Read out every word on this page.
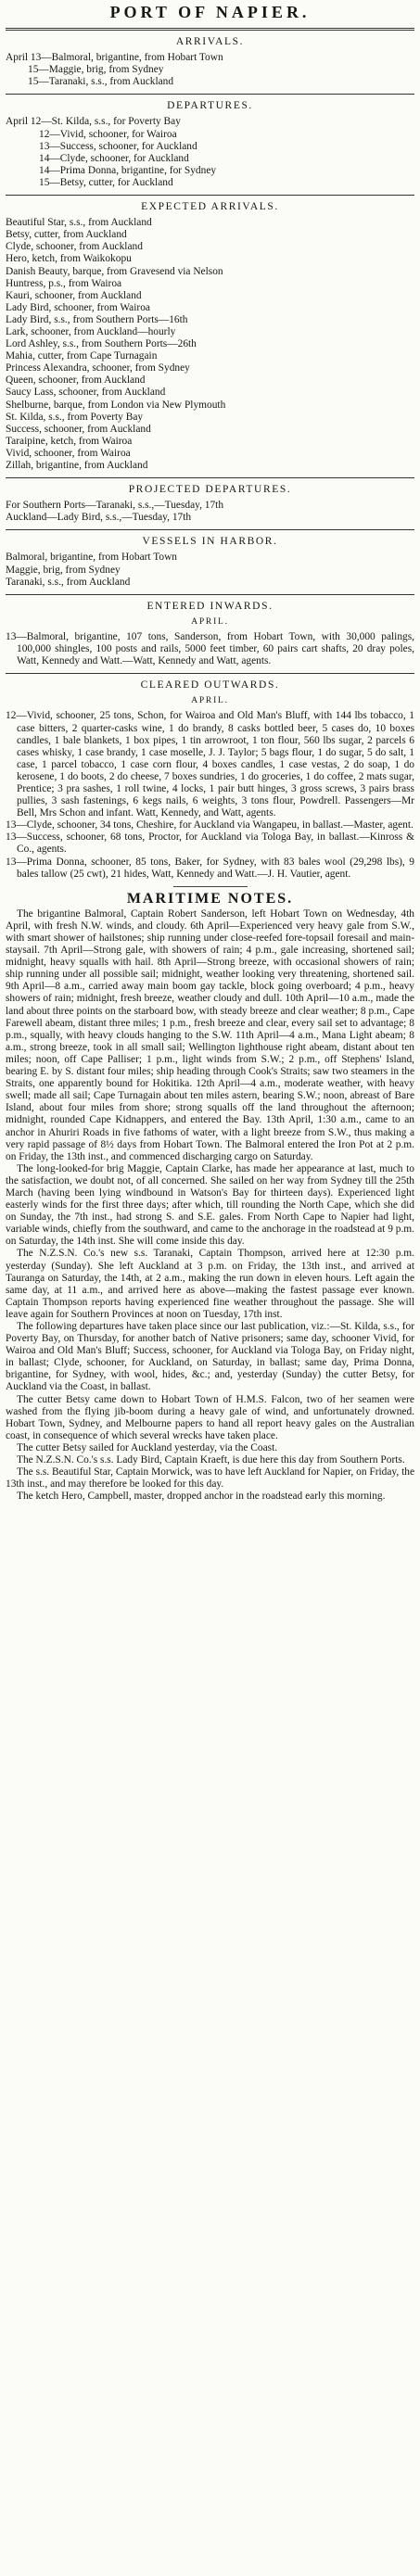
PORT OF NAPIER.
ARRIVALS.

April 13—Balmoral, brigantine, from Hobart Town

15—Maggie, brig, from Sydney

15—Taranaki, s.s., from Auckland

DEPARTURES.

April 12—St. Kilda, s.s., for Poverty Bay

12—Vivid, schooner, for Wairoa

13—Success, schooner, for Auckland

14—Clyde, schooner, for Auckland

14—Prima Donna, brigantine, for Sydney

15—Betsy, cutter, for Auckland

EXPECTED ARRIVALS.

Beautiful Star, s.s., from Auckland

Betsy, cutter, from Auckland

Clyde, schooner, from Auckland

Hero, ketch, from Waikokopu

Danish Beauty, barque, from Gravesend via Nelson

Huntress, p.s., from Wairoa

Kauri, schooner, from Auckland

Lady Bird, schooner, from Wairoa

Lady Bird, s.s., from Southern Ports—16th

Lark, schooner, from Auckland—hourly

Lord Ashley, s.s., from Southern Ports—26th

Mahia, cutter, from Cape Turnagain

Princess Alexandra, schooner, from Sydney

Queen, schooner, from Auckland

Saucy Lass, schooner, from Auckland

Shelburne, barque, from London via New Plymouth

St. Kilda, s.s., from Poverty Bay

Success, schooner, from Auckland

Taraipine, ketch, from Wairoa

Vivid, schooner, from Wairoa

Zillah, brigantine, from Auckland

PROJECTED DEPARTURES.

For Southern Ports—Taranaki, s.s.,—Tuesday, 17th

Auckland—Lady Bird, s.s.,—Tuesday, 17th

VESSELS IN HARBOR.

Balmoral, brigantine, from Hobart Town

Maggie, brig, from Sydney

Taranaki, s.s., from Auckland

ENTERED INWARDS.
APRIL.

13—Balmoral, brigantine, 107 tons, Sanderson, from Hobart Town, with 30,000 palings, 100,000 shingles, 100 posts and rails, 5000 feet timber, 60 pairs cart shafts, 20 dray poles, Watt, Kennedy and Watt.—Watt, Kennedy and Watt, agents.

CLEARED OUTWARDS.
APRIL.

12—Vivid, schooner, 25 tons, Schon, for Wairoa and Old Man's Bluff, with 144 lbs tobacco, 1 case bitters, 2 quarter-casks wine, 1 do brandy, 8 casks bottled beer, 5 cases do, 10 boxes candles, 1 bale blankets, 1 box pipes, 1 tin arrowroot, 1 ton flour, 560 lbs sugar, 2 parcels 6 cases whisky, 1 case brandy, 1 case moselle, J. J. Taylor; 5 bags flour, 1 do sugar, 5 do salt, 1 case, 1 parcel tobacco, 1 case corn flour, 4 boxes candles, 1 case vestas, 2 do soap, 1 do kerosene, 1 do boots, 2 do cheese, 7 boxes sundries, 1 do groceries, 1 do coffee, 2 mats sugar, Prentice; 3 pra sashes, 1 roll twine, 4 locks, 1 pair butt hinges, 3 gross screws, 3 pairs brass pullies, 3 sash fastenings, 6 kegs nails, 6 weights, 3 tons flour, Powdrell. Passengers—Mr Bell, Mrs Schon and infant. Watt, Kennedy, and Watt, agents.

13—Clyde, schooner, 34 tons, Cheshire, for Auckland via Wangapeu, in ballast.—Master, agent.

13—Success, schooner, 68 tons, Proctor, for Auckland via Tologa Bay, in ballast.—Kinross & Co., agents.

13—Prima Donna, schooner, 85 tons, Baker, for Sydney, with 83 bales wool (29,298 lbs), 9 bales tallow (25 cwt), 21 hides, Watt, Kennedy and Watt.—J. H. Vautier, agent.

MARITIME NOTES.

The brigantine Balmoral, Captain Robert Sanderson, left Hobart Town on Wednesday, 4th April, with fresh N.W. winds, and cloudy. 6th April—Experienced very heavy gale from S.W., with smart shower of hailstones; ship running under close-reefed fore-topsail foresail and main-staysail. 7th April—Strong gale, with showers of rain; 4 p.m., gale increasing, shortened sail; midnight, heavy squalls with hail. 8th April—Strong breeze, with occasional showers of rain; ship running under all possible sail; midnight, weather looking very threatening, shortened sail. 9th April—8 a.m., carried away main boom gay tackle, block going overboard; 4 p.m., heavy showers of rain; midnight, fresh breeze, weather cloudy and dull. 10th April—10 a.m., made the land about three points on the starboard bow, with steady breeze and clear weather; 8 p.m., Cape Farewell abeam, distant three miles; 1 p.m., fresh breeze and clear, every sail set to advantage; 8 p.m., squally, with heavy clouds hanging to the S.W. 11th April—4 a.m., Mana Light abeam; 8 a.m., strong breeze, took in all small sail; Wellington lighthouse right abeam, distant about ten miles; noon, off Cape Palliser; 1 p.m., light winds from S.W.; 2 p.m., off Stephens' Island, bearing E. by S. distant four miles; ship heading through Cook's Straits; saw two steamers in the Straits, one apparently bound for Hokitika. 12th April—4 a.m., moderate weather, with heavy swell; made all sail; Cape Turnagain about ten miles astern, bearing S.W.; noon, abreast of Bare Island, about four miles from shore; strong squalls off the land throughout the afternoon; midnight, rounded Cape Kidnappers, and entered the Bay. 13th April, 1:30 a.m., came to an anchor in Ahuriri Roads in five fathoms of water, with a light breeze from S.W., thus making a very rapid passage of 8½ days from Hobart Town. The Balmoral entered the Iron Pot at 2 p.m. on Friday, the 13th inst., and commenced discharging cargo on Saturday.

The long-looked-for brig Maggie, Captain Clarke, has made her appearance at last, much to the satisfaction, we doubt not, of all concerned. She sailed on her way from Sydney till the 25th March (having been lying windbound in Watson's Bay for thirteen days). Experienced light easterly winds for the first three days; after which, till rounding the North Cape, which she did on Sunday, the 7th inst., had strong S. and S.E. gales. From North Cape to Napier had light, variable winds, chiefly from the southward, and came to the anchorage in the roadstead at 9 p.m. on Saturday, the 14th inst. She will come inside this day.

The N.Z.S.N. Co.'s new s.s. Taranaki, Captain Thompson, arrived here at 12:30 p.m. yesterday (Sunday). She left Auckland at 3 p.m. on Friday, the 13th inst., and arrived at Tauranga on Saturday, the 14th, at 2 a.m., making the run down in eleven hours. Left again the same day, at 11 a.m., and arrived here as above—making the fastest passage ever known. Captain Thompson reports having experienced fine weather throughout the passage. She will leave again for Southern Provinces at noon on Tuesday, 17th inst.

The following departures have taken place since our last publication, viz.:—St. Kilda, s.s., for Poverty Bay, on Thursday, for another batch of Native prisoners; same day, schooner Vivid, for Wairoa and Old Man's Bluff; Success, schooner, for Auckland via Tologa Bay, on Friday night, in ballast; Clyde, schooner, for Auckland, on Saturday, in ballast; same day, Prima Donna, brigantine, for Sydney, with wool, hides, &c.; and, yesterday (Sunday) the cutter Betsy, for Auckland via the Coast, in ballast.

The cutter Betsy came down to Hobart Town of H.M.S. Falcon, two of her seamen were washed from the flying jib-boom during a heavy gale of wind, and unfortunately drowned. Hobart Town, Sydney, and Melbourne papers to hand all report heavy gales on the Australian coast, in consequence of which several wrecks have taken place.

The cutter Betsy sailed for Auckland yesterday, via the Coast.

The N.Z.S.N. Co.'s s.s. Lady Bird, Captain Kraeft, is due here this day from Southern Ports.

The s.s. Beautiful Star, Captain Morwick, was to have left Auckland for Napier, on Friday, the 13th inst., and may therefore be looked for this day.

The ketch Hero, Campbell, master, dropped anchor in the roadstead early this morning.
